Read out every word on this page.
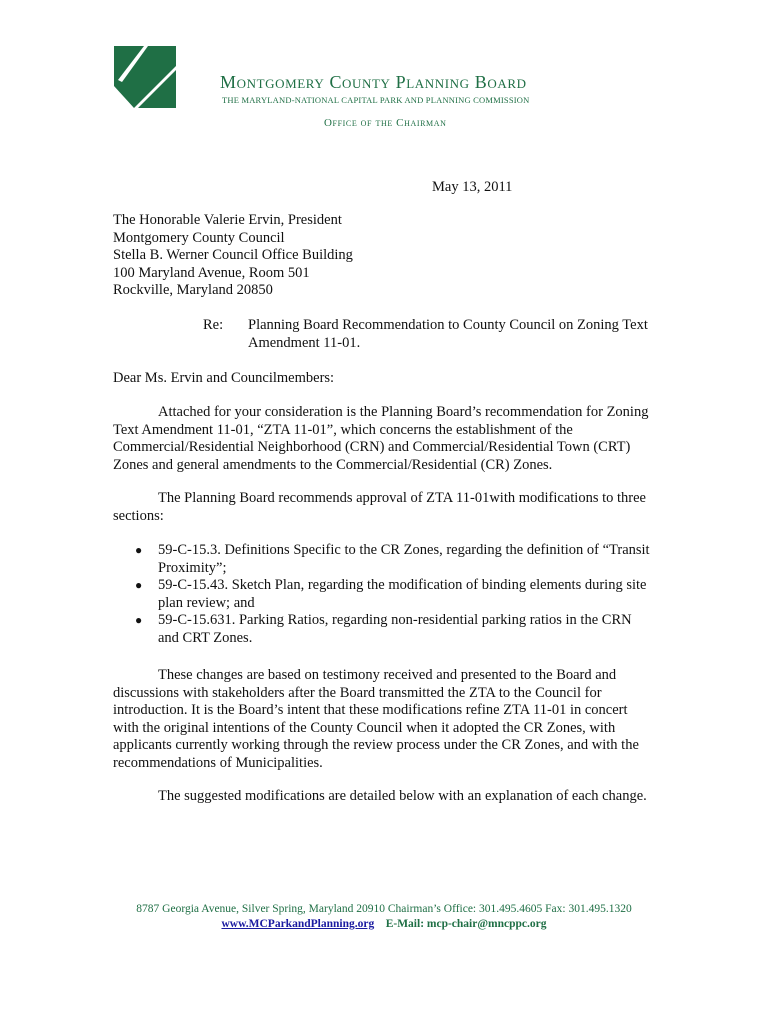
Montgomery County Planning Board
THE MARYLAND-NATIONAL CAPITAL PARK AND PLANNING COMMISSION
Office of the Chairman
May 13, 2011
The Honorable Valerie Ervin, President
Montgomery County Council
Stella B. Werner Council Office Building
100 Maryland Avenue, Room 501
Rockville, Maryland 20850
Re: Planning Board Recommendation to County Council on Zoning Text Amendment 11-01.
Dear Ms. Ervin and Councilmembers:

Attached for your consideration is the Planning Board’s recommendation for Zoning Text Amendment 11-01, “ZTA 11-01”, which concerns the establishment of the Commercial/Residential Neighborhood (CRN) and Commercial/Residential Town (CRT) Zones and general amendments to the Commercial/Residential (CR) Zones.

The Planning Board recommends approval of ZTA 11-01with modifications to three sections:

● 59-C-15.3. Definitions Specific to the CR Zones, regarding the definition of “Transit Proximity”;
● 59-C-15.43. Sketch Plan, regarding the modification of binding elements during site plan review; and
● 59-C-15.631. Parking Ratios, regarding non-residential parking ratios in the CRN and CRT Zones.

These changes are based on testimony received and presented to the Board and discussions with stakeholders after the Board transmitted the ZTA to the Council for introduction. It is the Board’s intent that these modifications refine ZTA 11-01 in concert with the original intentions of the County Council when it adopted the CR Zones, with applicants currently working through the review process under the CR Zones, and with the recommendations of Municipalities.

The suggested modifications are detailed below with an explanation of each change.

8787 Georgia Avenue, Silver Spring, Maryland 20910 Chairman’s Office: 301.495.4605 Fax: 301.495.1320
www.MCParkandPlanning.org E-Mail: mcp-chair@mncppc.org
